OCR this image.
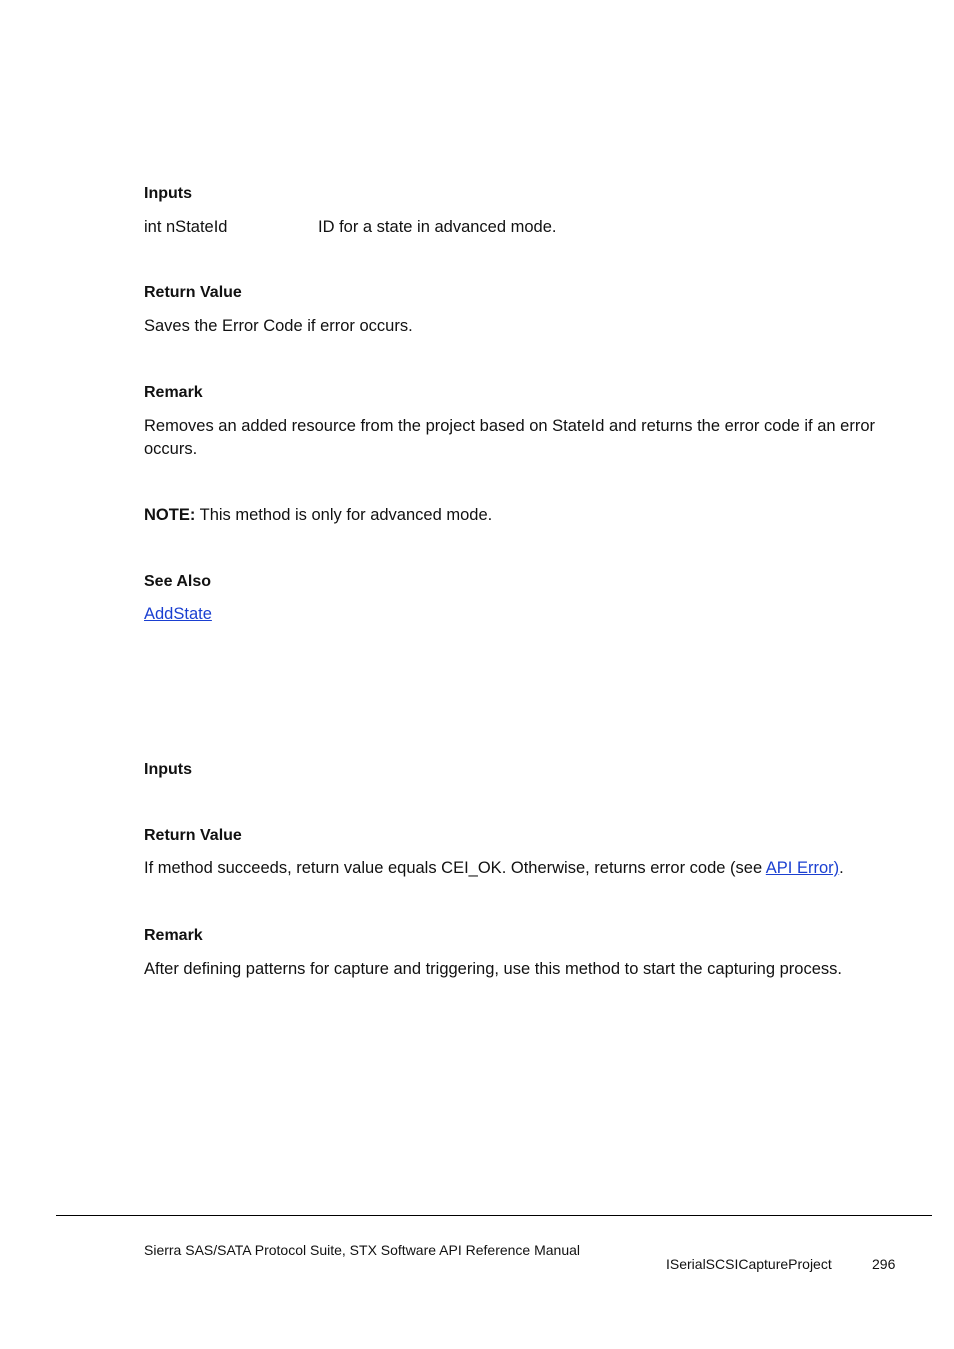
Inputs
int nStateId	ID for a state in advanced mode.
Return Value
Saves the Error Code if error occurs.
Remark
Removes an added resource from the project based on StateId and returns the error code if an error occurs.
NOTE: This method is only for advanced mode.
See Also
AddState
Inputs
Return Value
If method succeeds, return value equals CEI_OK. Otherwise, returns error code (see API Error).
Remark
After defining patterns for capture and triggering, use this method to start the capturing process.
Sierra SAS/SATA Protocol Suite, STX Software API Reference Manual
ISerialSCSICaptureProject	296
